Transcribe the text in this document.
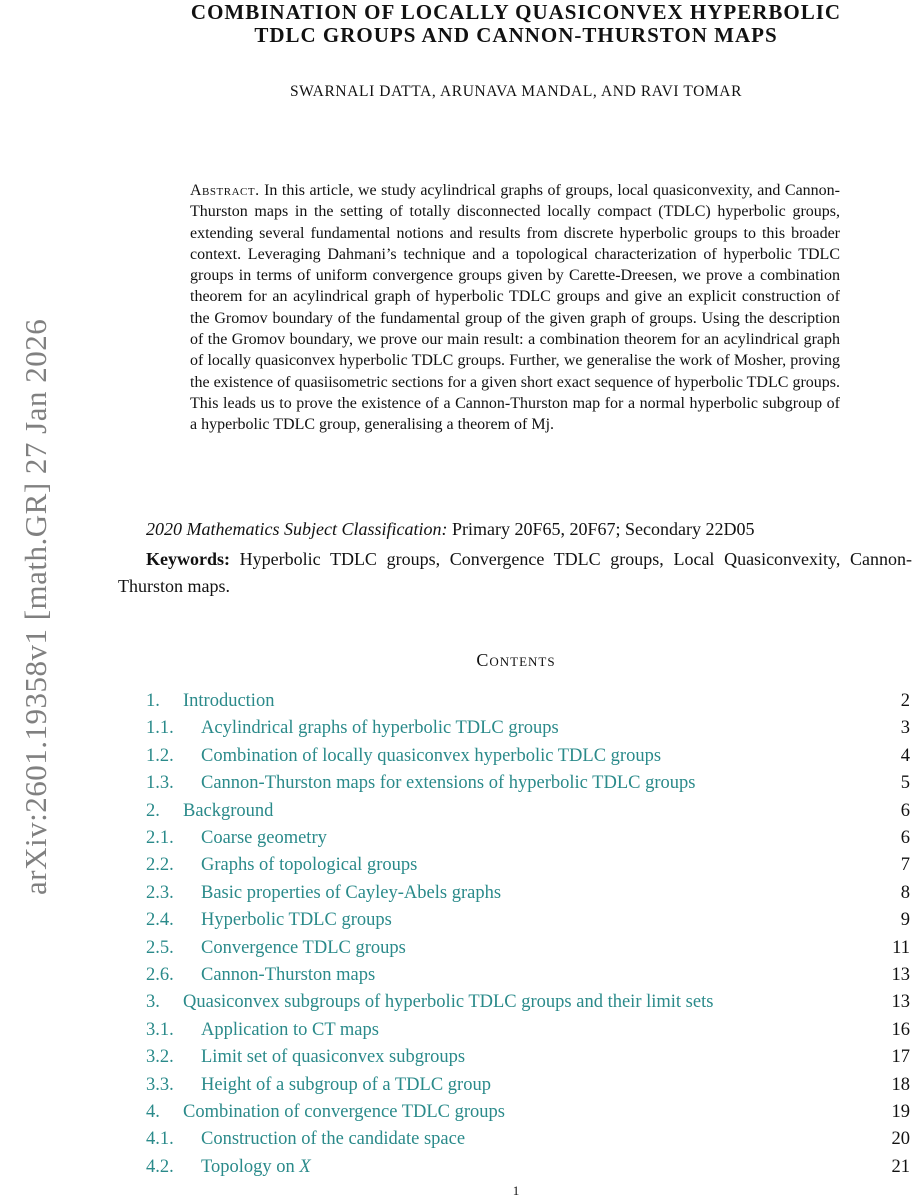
arXiv:2601.19358v1 [math.GR] 27 Jan 2026
COMBINATION OF LOCALLY QUASICONVEX HYPERBOLIC
TDLC GROUPS AND CANNON-THURSTON MAPS
SWARNALI DATTA, ARUNAVA MANDAL, AND RAVI TOMAR

Abstract. In this article, we study acylindrical graphs of groups, local quasiconvexity, and Cannon-Thurston maps in the setting of totally disconnected locally compact (TDLC) hyperbolic groups, extending several fundamental notions and results from discrete hyperbolic groups to this broader context. Leveraging Dahmani’s technique and a topological characterization of hyperbolic TDLC groups in terms of uniform convergence groups given by Carette-Dreesen, we prove a combination theorem for an acylindrical graph of hyperbolic TDLC groups and give an explicit construction of the Gromov boundary of the fundamental group of the given graph of groups. Using the description of the Gromov boundary, we prove our main result: a combination theorem for an acylindrical graph of locally quasiconvex hyperbolic TDLC groups. Further, we generalise the work of Mosher, proving the existence of quasiisometric sections for a given short exact sequence of hyperbolic TDLC groups. This leads us to prove the existence of a Cannon-Thurston map for a normal hyperbolic subgroup of a hyperbolic TDLC group, generalising a theorem of Mj.

2020 Mathematics Subject Classification: Primary 20F65, 20F67; Secondary 22D05

Keywords: Hyperbolic TDLC groups, Convergence TDLC groups, Local Quasiconvexity, Cannon-Thurston maps.

Contents
1. Introduction	2
1.1. Acylindrical graphs of hyperbolic TDLC groups	3
1.2. Combination of locally quasiconvex hyperbolic TDLC groups	4
1.3. Cannon-Thurston maps for extensions of hyperbolic TDLC groups	5
2. Background	6
2.1. Coarse geometry	6
2.2. Graphs of topological groups	7
2.3. Basic properties of Cayley-Abels graphs	8
2.4. Hyperbolic TDLC groups	9
2.5. Convergence TDLC groups	11
2.6. Cannon-Thurston maps	13
3. Quasiconvex subgroups of hyperbolic TDLC groups and their limit sets	13
3.1. Application to CT maps	16
3.2. Limit set of quasiconvex subgroups	17
3.3. Height of a subgroup of a TDLC group	18
4. Combination of convergence TDLC groups	19
4.1. Construction of the candidate space	20
4.2. Topology on X	21
1
